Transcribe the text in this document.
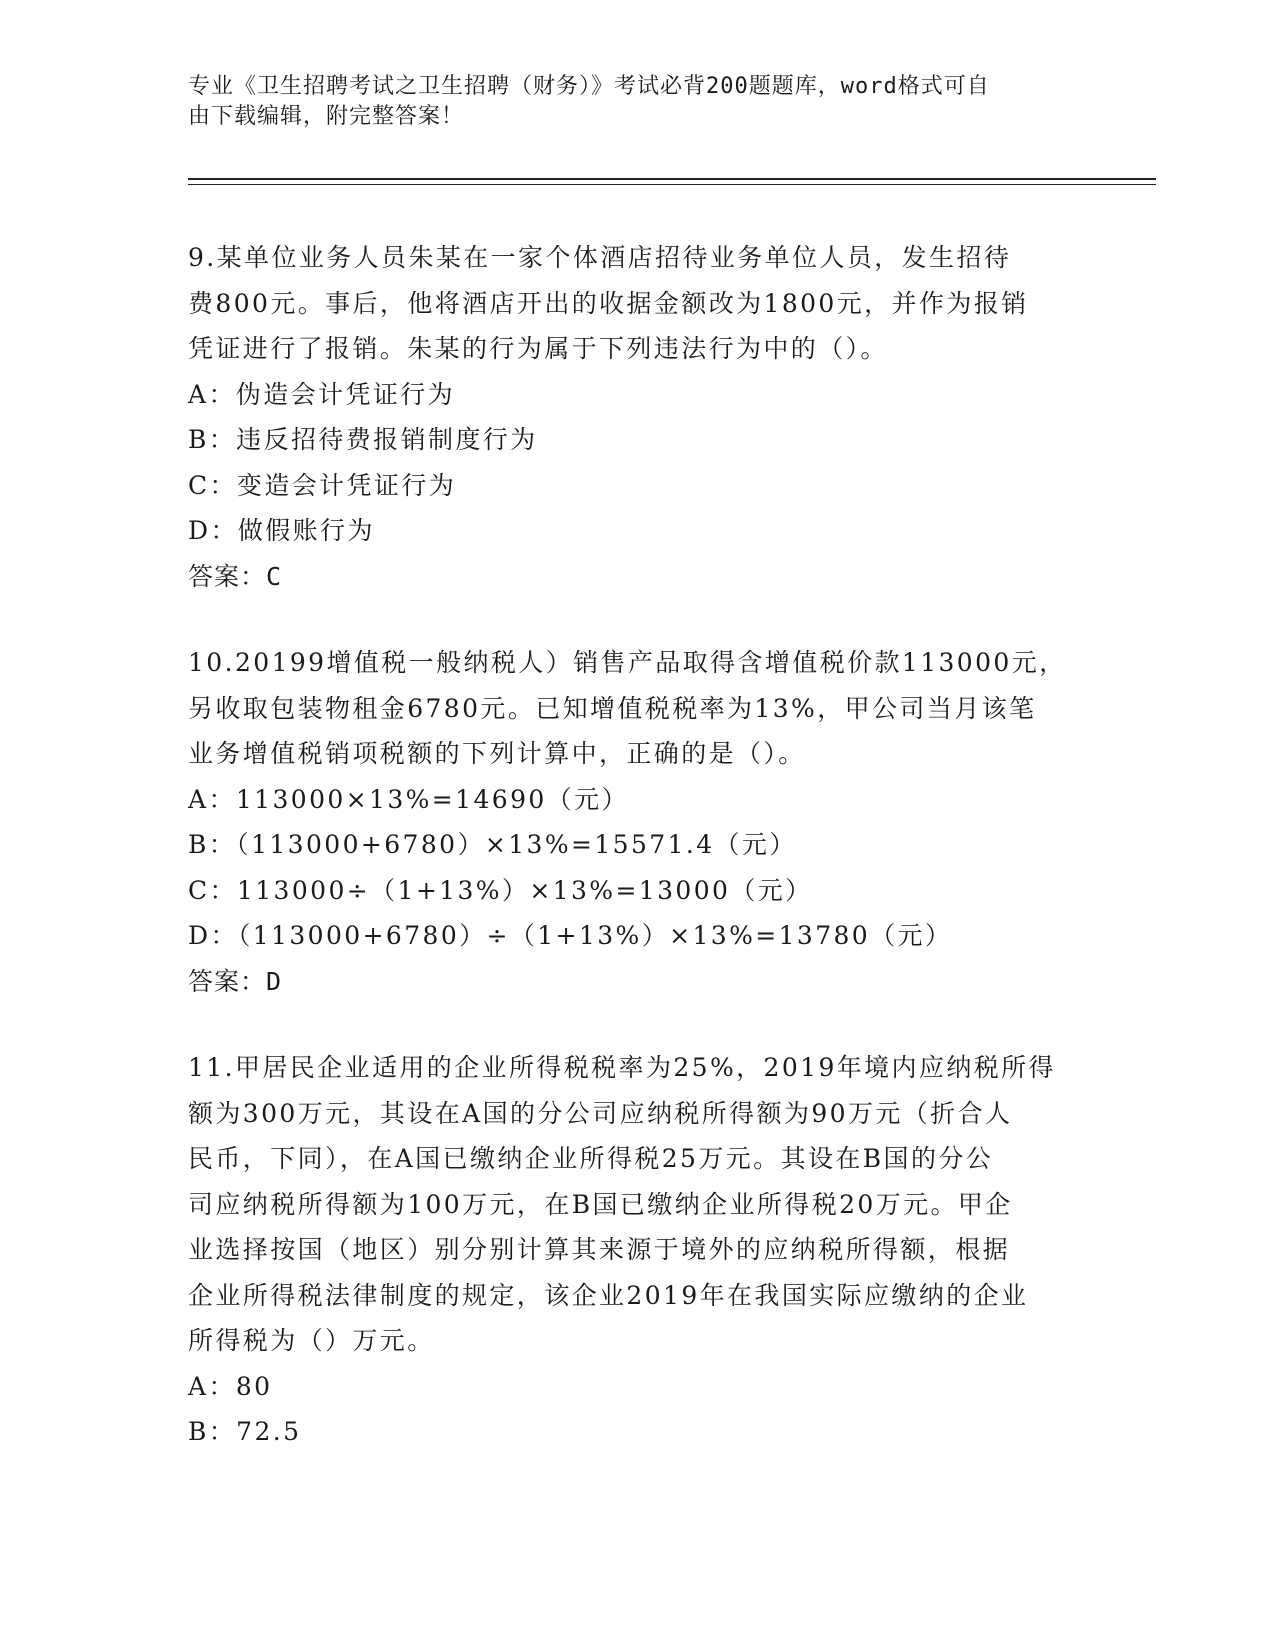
专业《卫生招聘考试之卫生招聘（财务）》考试必背200题题库，word格式可自
由下载编辑，附完整答案！
9.某单位业务人员朱某在一家个体酒店招待业务单位人员，发生招待
费800元。事后，他将酒店开出的收据金额改为1800元，并作为报销
凭证进行了报销。朱某的行为属于下列违法行为中的（）。
A：伪造会计凭证行为
B：违反招待费报销制度行为
C：变造会计凭证行为
D：做假账行为
答案：C
10.20199增值税一般纳税人）销售产品取得含增值税价款113000元，
另收取包装物租金6780元。已知增值税税率为13%，甲公司当月该笔
业务增值税销项税额的下列计算中，正确的是（）。
A：113000×13%=14690（元）
B：（113000+6780）×13%=15571.4（元）
C：113000÷（1+13%）×13%=13000（元）
D：（113000+6780）÷（1+13%）×13%=13780（元）
答案：D
11.甲居民企业适用的企业所得税税率为25%，2019年境内应纳税所得
额为300万元，其设在A国的分公司应纳税所得额为90万元（折合人
民币，下同），在A国已缴纳企业所得税25万元。其设在B国的分公
司应纳税所得额为100万元，在B国已缴纳企业所得税20万元。甲企
业选择按国（地区）别分别计算其来源于境外的应纳税所得额，根据
企业所得税法律制度的规定，该企业2019年在我国实际应缴纳的企业
所得税为（）万元。
A：80
B：72.5
